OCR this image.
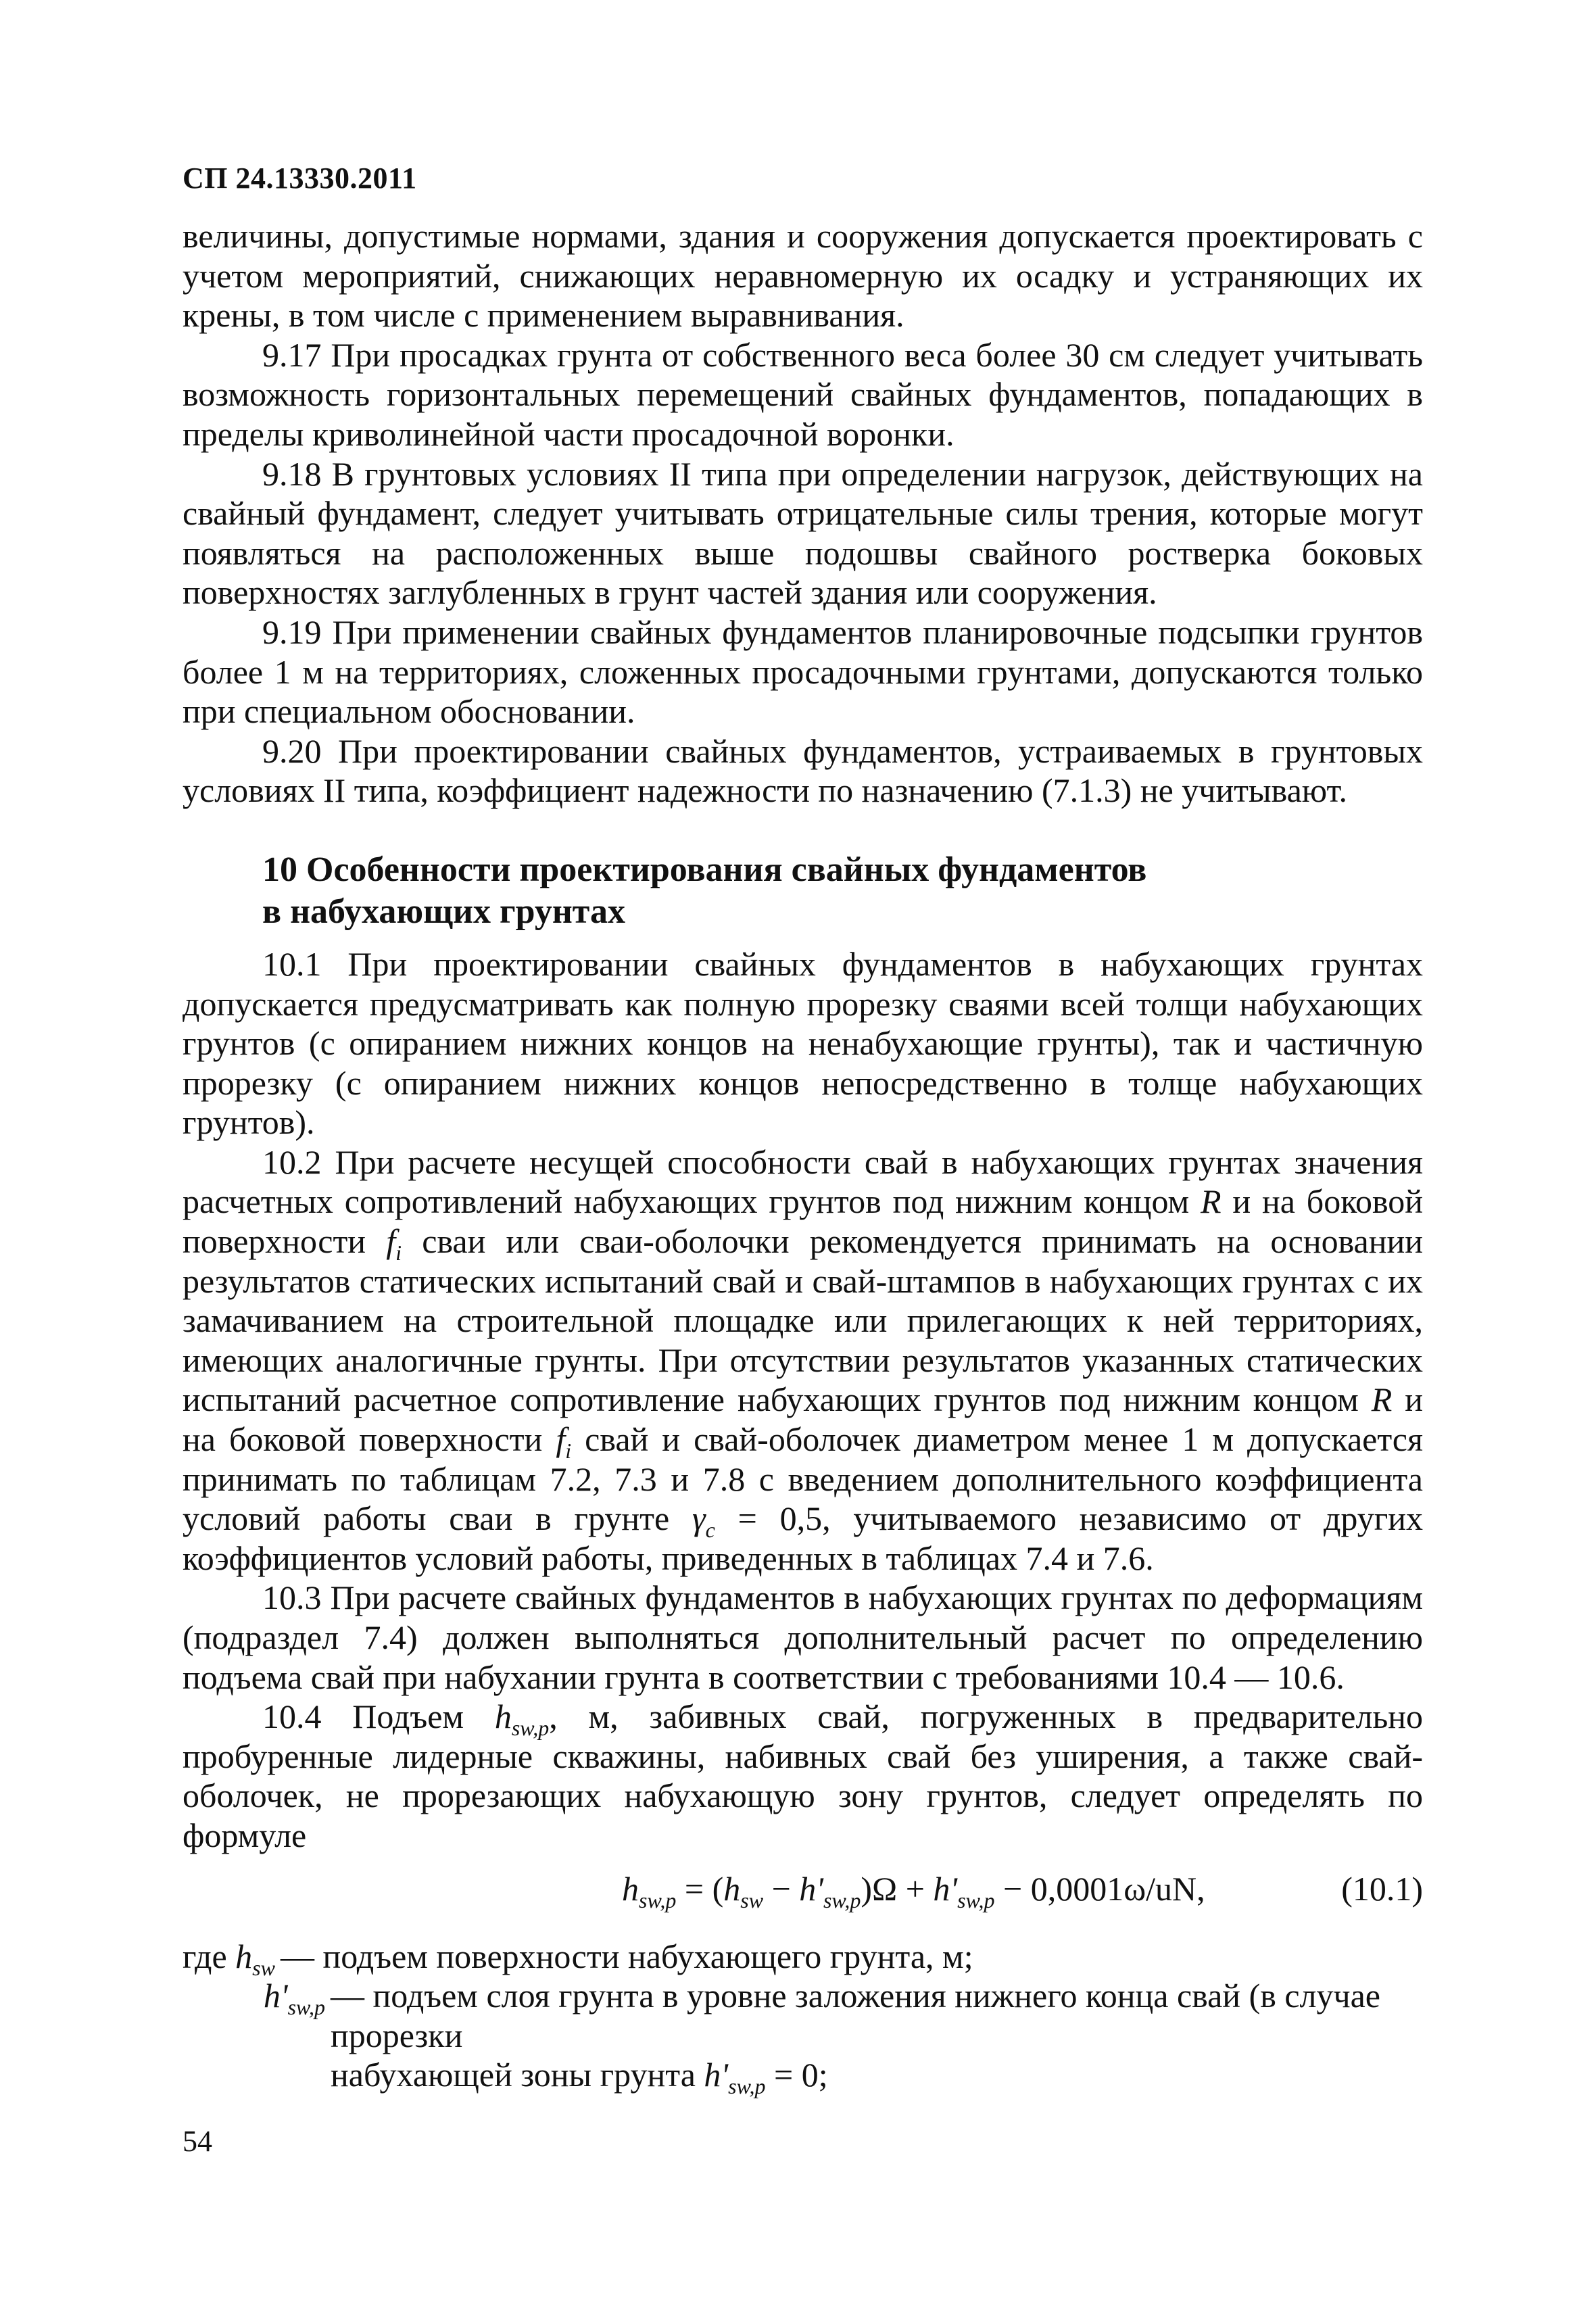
СП 24.13330.2011

величины, допустимые нормами, здания и сооружения допускается проектировать с учетом мероприятий, снижающих неравномерную их осадку и устраняющих их крены, в том числе с применением выравнивания.

9.17 При просадках грунта от собственного веса более 30 см следует учитывать возможность горизонтальных перемещений свайных фундаментов, попадающих в пределы криволинейной части просадочной воронки.

9.18 В грунтовых условиях II типа при определении нагрузок, действующих на свайный фундамент, следует учитывать отрицательные силы трения, которые могут появляться на расположенных выше подошвы свайного ростверка боковых поверхностях заглубленных в грунт частей здания или сооружения.

9.19 При применении свайных фундаментов планировочные подсыпки грунтов более 1 м на территориях, сложенных просадочными грунтами, допускаются только при специальном обосновании.

9.20 При проектировании свайных фундаментов, устраиваемых в грунтовых условиях II типа, коэффициент надежности по назначению (7.1.3) не учитывают.

10 Особенности проектирования свайных фундаментов
в набухающих грунтах

10.1 При проектировании свайных фундаментов в набухающих грунтах допускается предусматривать как полную прорезку сваями всей толщи набухающих грунтов (с опиранием нижних концов на ненабухающие грунты), так и частичную прорезку (с опиранием нижних концов непосредственно в толще набухающих грунтов).

10.2 При расчете несущей способности свай в набухающих грунтах значения расчетных сопротивлений набухающих грунтов под нижним концом R и на боковой поверхности $f_i$ сваи или сваи-оболочки рекомендуется принимать на основании результатов статических испытаний свай и свай-штампов в набухающих грунтах с их замачиванием на строительной площадке или прилегающих к ней территориях, имеющих аналогичные грунты. При отсутствии результатов указанных статических испытаний расчетное сопротивление набухающих грунтов под нижним концом R и на боковой поверхности $f_i$ свай и свай-оболочек диаметром менее 1 м допускается принимать по таблицам 7.2, 7.3 и 7.8 с введением дополнительного коэффициента условий работы сваи в грунте $\gamma_c = 0,5$, учитываемого независимо от других коэффициентов условий работы, приведенных в таблицах 7.4 и 7.6.

10.3 При расчете свайных фундаментов в набухающих грунтах по деформациям (подраздел 7.4) должен выполняться дополнительный расчет по определению подъема свай при набухании грунта в соответствии с требованиями 10.4 — 10.6.

10.4 Подъем $h_{sw,p}$, м, забивных свай, погруженных в предварительно пробуренные лидерные скважины, набивных свай без уширения, а также свай-оболочек, не прорезающих набухающую зону грунтов, следует определять по формуле

$h_{sw,p} = (h_{sw} - h'_{sw,p})\Omega + h'_{sw,p} - 0,0001\omega/uN$,	(10.1)
где $h_{sw}$ — подъем поверхности набухающего грунта, м;
$h'_{sw,p}$ — подъем слоя грунта в уровне заложения нижнего конца свай (в случае прорезки
набухающей зоны грунта $h'_{sw,p} = 0$;
54
